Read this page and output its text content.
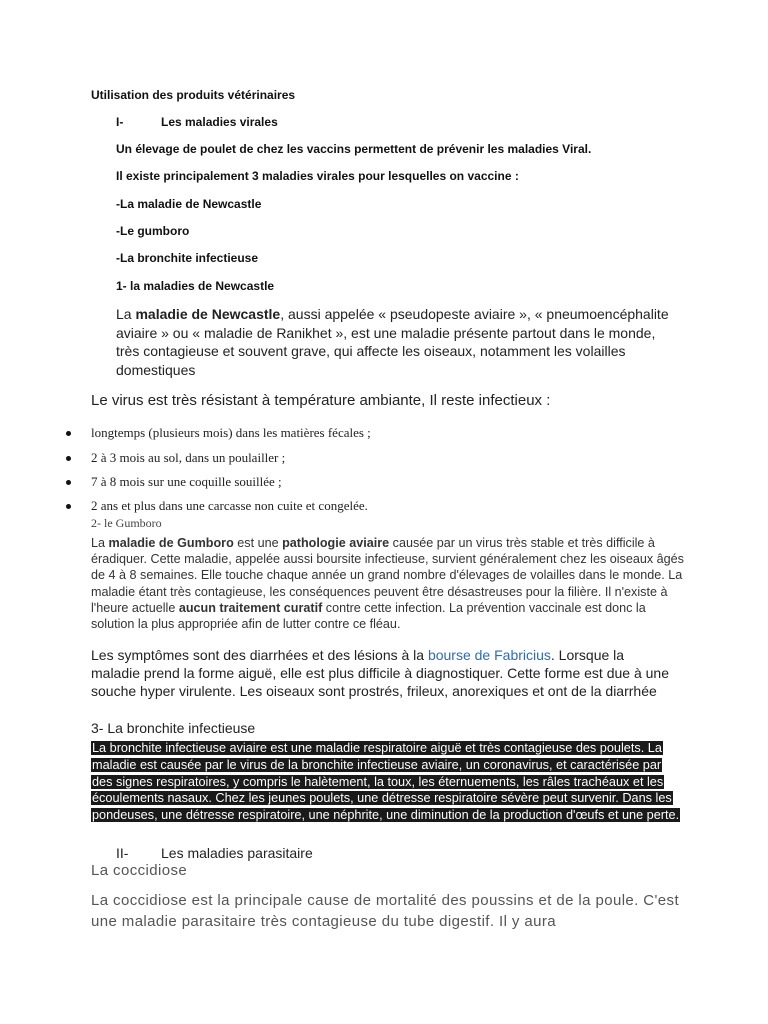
Utilisation des produits vétérinaires
I-	Les maladies virales
Un élevage de poulet de chez les vaccins permettent de prévenir les maladies Viral.
Il existe principalement 3 maladies virales pour lesquelles on vaccine :
-La maladie de Newcastle
-Le gumboro
-La bronchite infectieuse
1- la maladies de Newcastle
La maladie de Newcastle, aussi appelée « pseudopeste aviaire », « pneumoencéphalite aviaire » ou « maladie de Ranikhet », est une maladie présente partout dans le monde, très contagieuse et souvent grave, qui affecte les oiseaux, notamment les volailles domestiques
Le virus est très résistant à température ambiante, Il reste infectieux :
longtemps (plusieurs mois) dans les matières fécales ;
2 à 3 mois au sol, dans un poulailler ;
7 à 8 mois sur une coquille souillée ;
2 ans et plus dans une carcasse non cuite et congelée.
2- le Gumboro
La maladie de Gumboro est une pathologie aviaire causée par un virus très stable et très difficile à éradiquer. Cette maladie, appelée aussi boursite infectieuse, survient généralement chez les oiseaux âgés de 4 à 8 semaines. Elle touche chaque année un grand nombre d'élevages de volailles dans le monde. La maladie étant très contagieuse, les conséquences peuvent être désastreuses pour la filière. Il n'existe à l'heure actuelle aucun traitement curatif contre cette infection. La prévention vaccinale est donc la solution la plus appropriée afin de lutter contre ce fléau.
Les symptômes sont des diarrhées et des lésions à la bourse de Fabricius. Lorsque la maladie prend la forme aiguë, elle est plus difficile à diagnostiquer. Cette forme est due à une souche hyper virulente. Les oiseaux sont prostrés, frileux, anorexiques et ont de la diarrhée
3- La bronchite infectieuse
La bronchite infectieuse aviaire est une maladie respiratoire aiguë et très contagieuse des poulets. La maladie est causée par le virus de la bronchite infectieuse aviaire, un coronavirus, et caractérisée par des signes respiratoires, y compris le halètement, la toux, les éternuements, les râles trachéaux et les écoulements nasaux. Chez les jeunes poulets, une détresse respiratoire sévère peut survenir. Dans les pondeuses, une détresse respiratoire, une néphrite, une diminution de la production d'œufs et une perte.
II- Les maladies parasitaire
La coccidiose
La coccidiose est la principale cause de mortalité des poussins et de la poule. C'est une maladie parasitaire très contagieuse du tube digestif. Il y aura
